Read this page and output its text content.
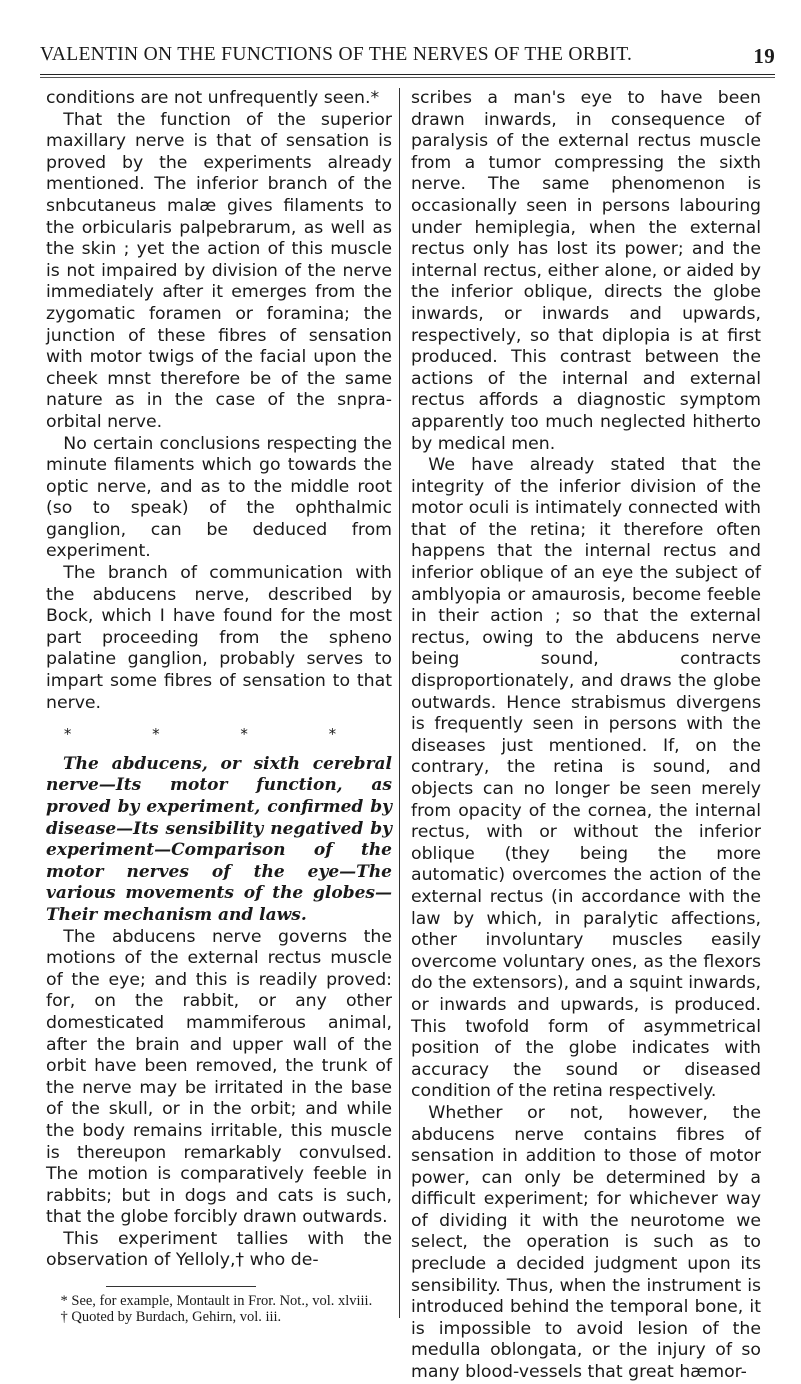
VALENTIN ON THE FUNCTIONS OF THE NERVES OF THE ORBIT.	19

conditions are not unfrequently seen.*

That the function of the superior maxillary nerve is that of sensation is proved by the experiments already mentioned. The inferior branch of the snbcutaneus malæ gives filaments to the orbicularis palpebrarum, as well as the skin ; yet the action of this muscle is not impaired by division of the nerve immediately after it emerges from the zygomatic foramen or foramina; the junction of these fibres of sensation with motor twigs of the facial upon the cheek mnst therefore be of the same nature as in the case of the snpra-orbital nerve.

No certain conclusions respecting the minute filaments which go towards the optic nerve, and as to the middle root (so to speak) of the ophthalmic ganglion, can be deduced from experiment.

The branch of communication with the abducens nerve, described by Bock, which I have found for the most part proceeding from the spheno palatine ganglion, probably serves to impart some fibres of sensation to that nerve.

* * * *

The abducens, or sixth cerebral nerve—Its motor function, as proved by experiment, confirmed by disease—Its sensibility negatived by experiment—Comparison of the motor nerves of the eye—The various movements of the globes—Their mechanism and laws.

The abducens nerve governs the motions of the external rectus muscle of the eye; and this is readily proved: for, on the rabbit, or any other domesticated mammiferous animal, after the brain and upper wall of the orbit have been removed, the trunk of the nerve may be irritated in the base of the skull, or in the orbit; and while the body remains irritable, this muscle is thereupon remarkably convulsed. The motion is comparatively feeble in rabbits; but in dogs and cats is such, that the globe forcibly drawn outwards.

This experiment tallies with the observation of Yelloly,† who de-

* See, for example, Montault in Fror. Not., vol. xlviii.

† Quoted by Burdach, Gehirn, vol. iii.

scribes a man's eye to have been drawn inwards, in consequence of paralysis of the external rectus muscle from a tumor compressing the sixth nerve. The same phenomenon is occasionally seen in persons labouring under hemiplegia, when the external rectus only has lost its power; and the internal rectus, either alone, or aided by the inferior oblique, directs the globe inwards, or inwards and upwards, respectively, so that diplopia is at first produced. This contrast between the actions of the internal and external rectus affords a diagnostic symptom apparently too much neglected hitherto by medical men.

We have already stated that the integrity of the inferior division of the motor oculi is intimately connected with that of the retina; it therefore often happens that the internal rectus and inferior oblique of an eye the subject of amblyopia or amaurosis, become feeble in their action ; so that the external rectus, owing to the abducens nerve being sound, contracts disproportionately, and draws the globe outwards. Hence strabismus divergens is frequently seen in persons with the diseases just mentioned. If, on the contrary, the retina is sound, and objects can no longer be seen merely from opacity of the cornea, the internal rectus, with or without the inferior oblique (they being the more automatic) overcomes the action of the external rectus (in accordance with the law by which, in paralytic affections, other involuntary muscles easily overcome voluntary ones, as the flexors do the extensors), and a squint inwards, or inwards and upwards, is produced. This twofold form of asymmetrical position of the globe indicates with accuracy the sound or diseased condition of the retina respectively.

Whether or not, however, the abducens nerve contains fibres of sensation in addition to those of motor power, can only be determined by a difficult experiment; for whichever way of dividing it with the neurotome we select, the operation is such as to preclude a decided judgment upon its sensibility. Thus, when the instrument is introduced behind the temporal bone, it is impossible to avoid lesion of the medulla oblongata, or the injury of so many blood-vessels that great hæmor-
